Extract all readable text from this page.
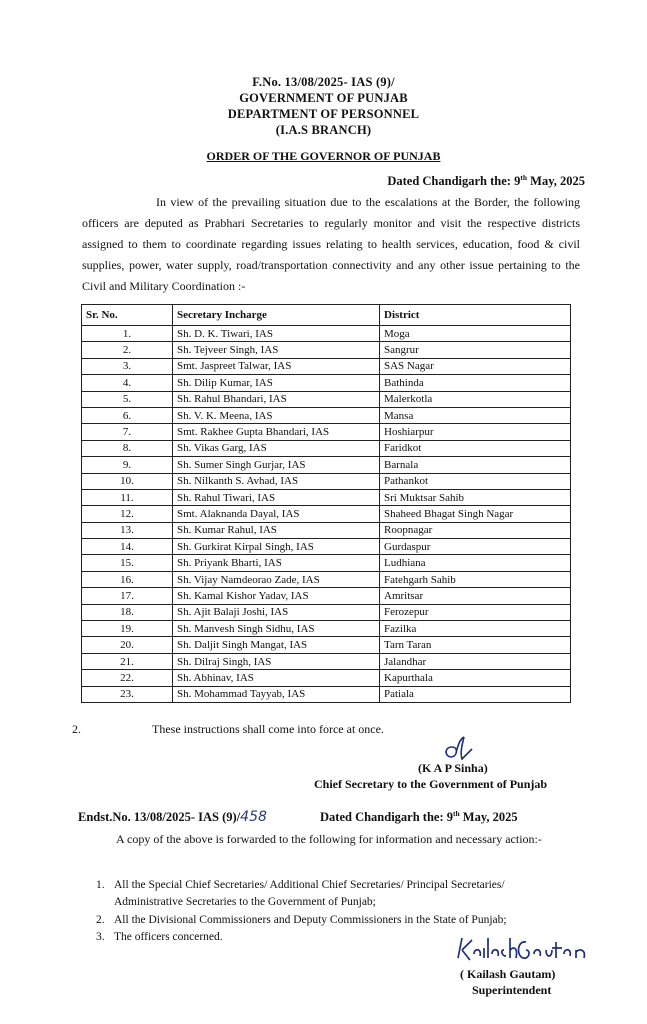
F.No. 13/08/2025- IAS (9)/
GOVERNMENT OF PUNJAB
DEPARTMENT OF PERSONNEL
(I.A.S BRANCH)
ORDER OF THE GOVERNOR OF PUNJAB
Dated Chandigarh the: 9th May, 2025
In view of the prevailing situation due to the escalations at the Border, the following officers are deputed as Prabhari Secretaries to regularly monitor and visit the respective districts assigned to them to coordinate regarding issues relating to health services, education, food & civil supplies, power, water supply, road/transportation connectivity and any other issue pertaining to the Civil and Military Coordination :-
Sr. No.	Secretary Incharge	District
1.	Sh. D. K. Tiwari, IAS	Moga
2.	Sh. Tejveer Singh, IAS	Sangrur
3.	Smt. Jaspreet Talwar, IAS	SAS Nagar
4.	Sh. Dilip Kumar, IAS	Bathinda
5.	Sh. Rahul Bhandari, IAS	Malerkotla
6.	Sh. V. K. Meena, IAS	Mansa
7.	Smt. Rakhee Gupta Bhandari, IAS	Hoshiarpur
8.	Sh. Vikas Garg, IAS	Faridkot
9.	Sh. Sumer Singh Gurjar, IAS	Barnala
10.	Sh. Nilkanth S. Avhad, IAS	Pathankot
11.	Sh. Rahul Tiwari, IAS	Sri Muktsar Sahib
12.	Smt. Alaknanda Dayal, IAS	Shaheed Bhagat Singh Nagar
13.	Sh. Kumar Rahul, IAS	Roopnagar
14.	Sh. Gurkirat Kirpal Singh, IAS	Gurdaspur
15.	Sh. Priyank Bharti, IAS	Ludhiana
16.	Sh. Vijay Namdeorao Zade, IAS	Fatehgarh Sahib
17.	Sh. Kamal Kishor Yadav, IAS	Amritsar
18.	Sh. Ajit Balaji Joshi, IAS	Ferozepur
19.	Sh. Manvesh Singh Sidhu, IAS	Fazilka
20.	Sh. Daljit Singh Mangat, IAS	Tarn Taran
21.	Sh. Dilraj Singh, IAS	Jalandhar
22.	Sh. Abhinav, IAS	Kapurthala
23.	Sh. Mohammad Tayyab, IAS	Patiala
2.	These instructions shall come into force at once.
(K A P Sinha)
Chief Secretary to the Government of Punjab
Endst.No. 13/08/2025- IAS (9)/458	Dated Chandigarh the: 9th May, 2025
A copy of the above is forwarded to the following for information and necessary action:-
1. All the Special Chief Secretaries/ Additional Chief Secretaries/ Principal Secretaries/
Administrative Secretaries to the Government of Punjab;
2. All the Divisional Commissioners and Deputy Commissioners in the State of Punjab;
3. The officers concerned.
( Kailash Gautam)
Superintendent
